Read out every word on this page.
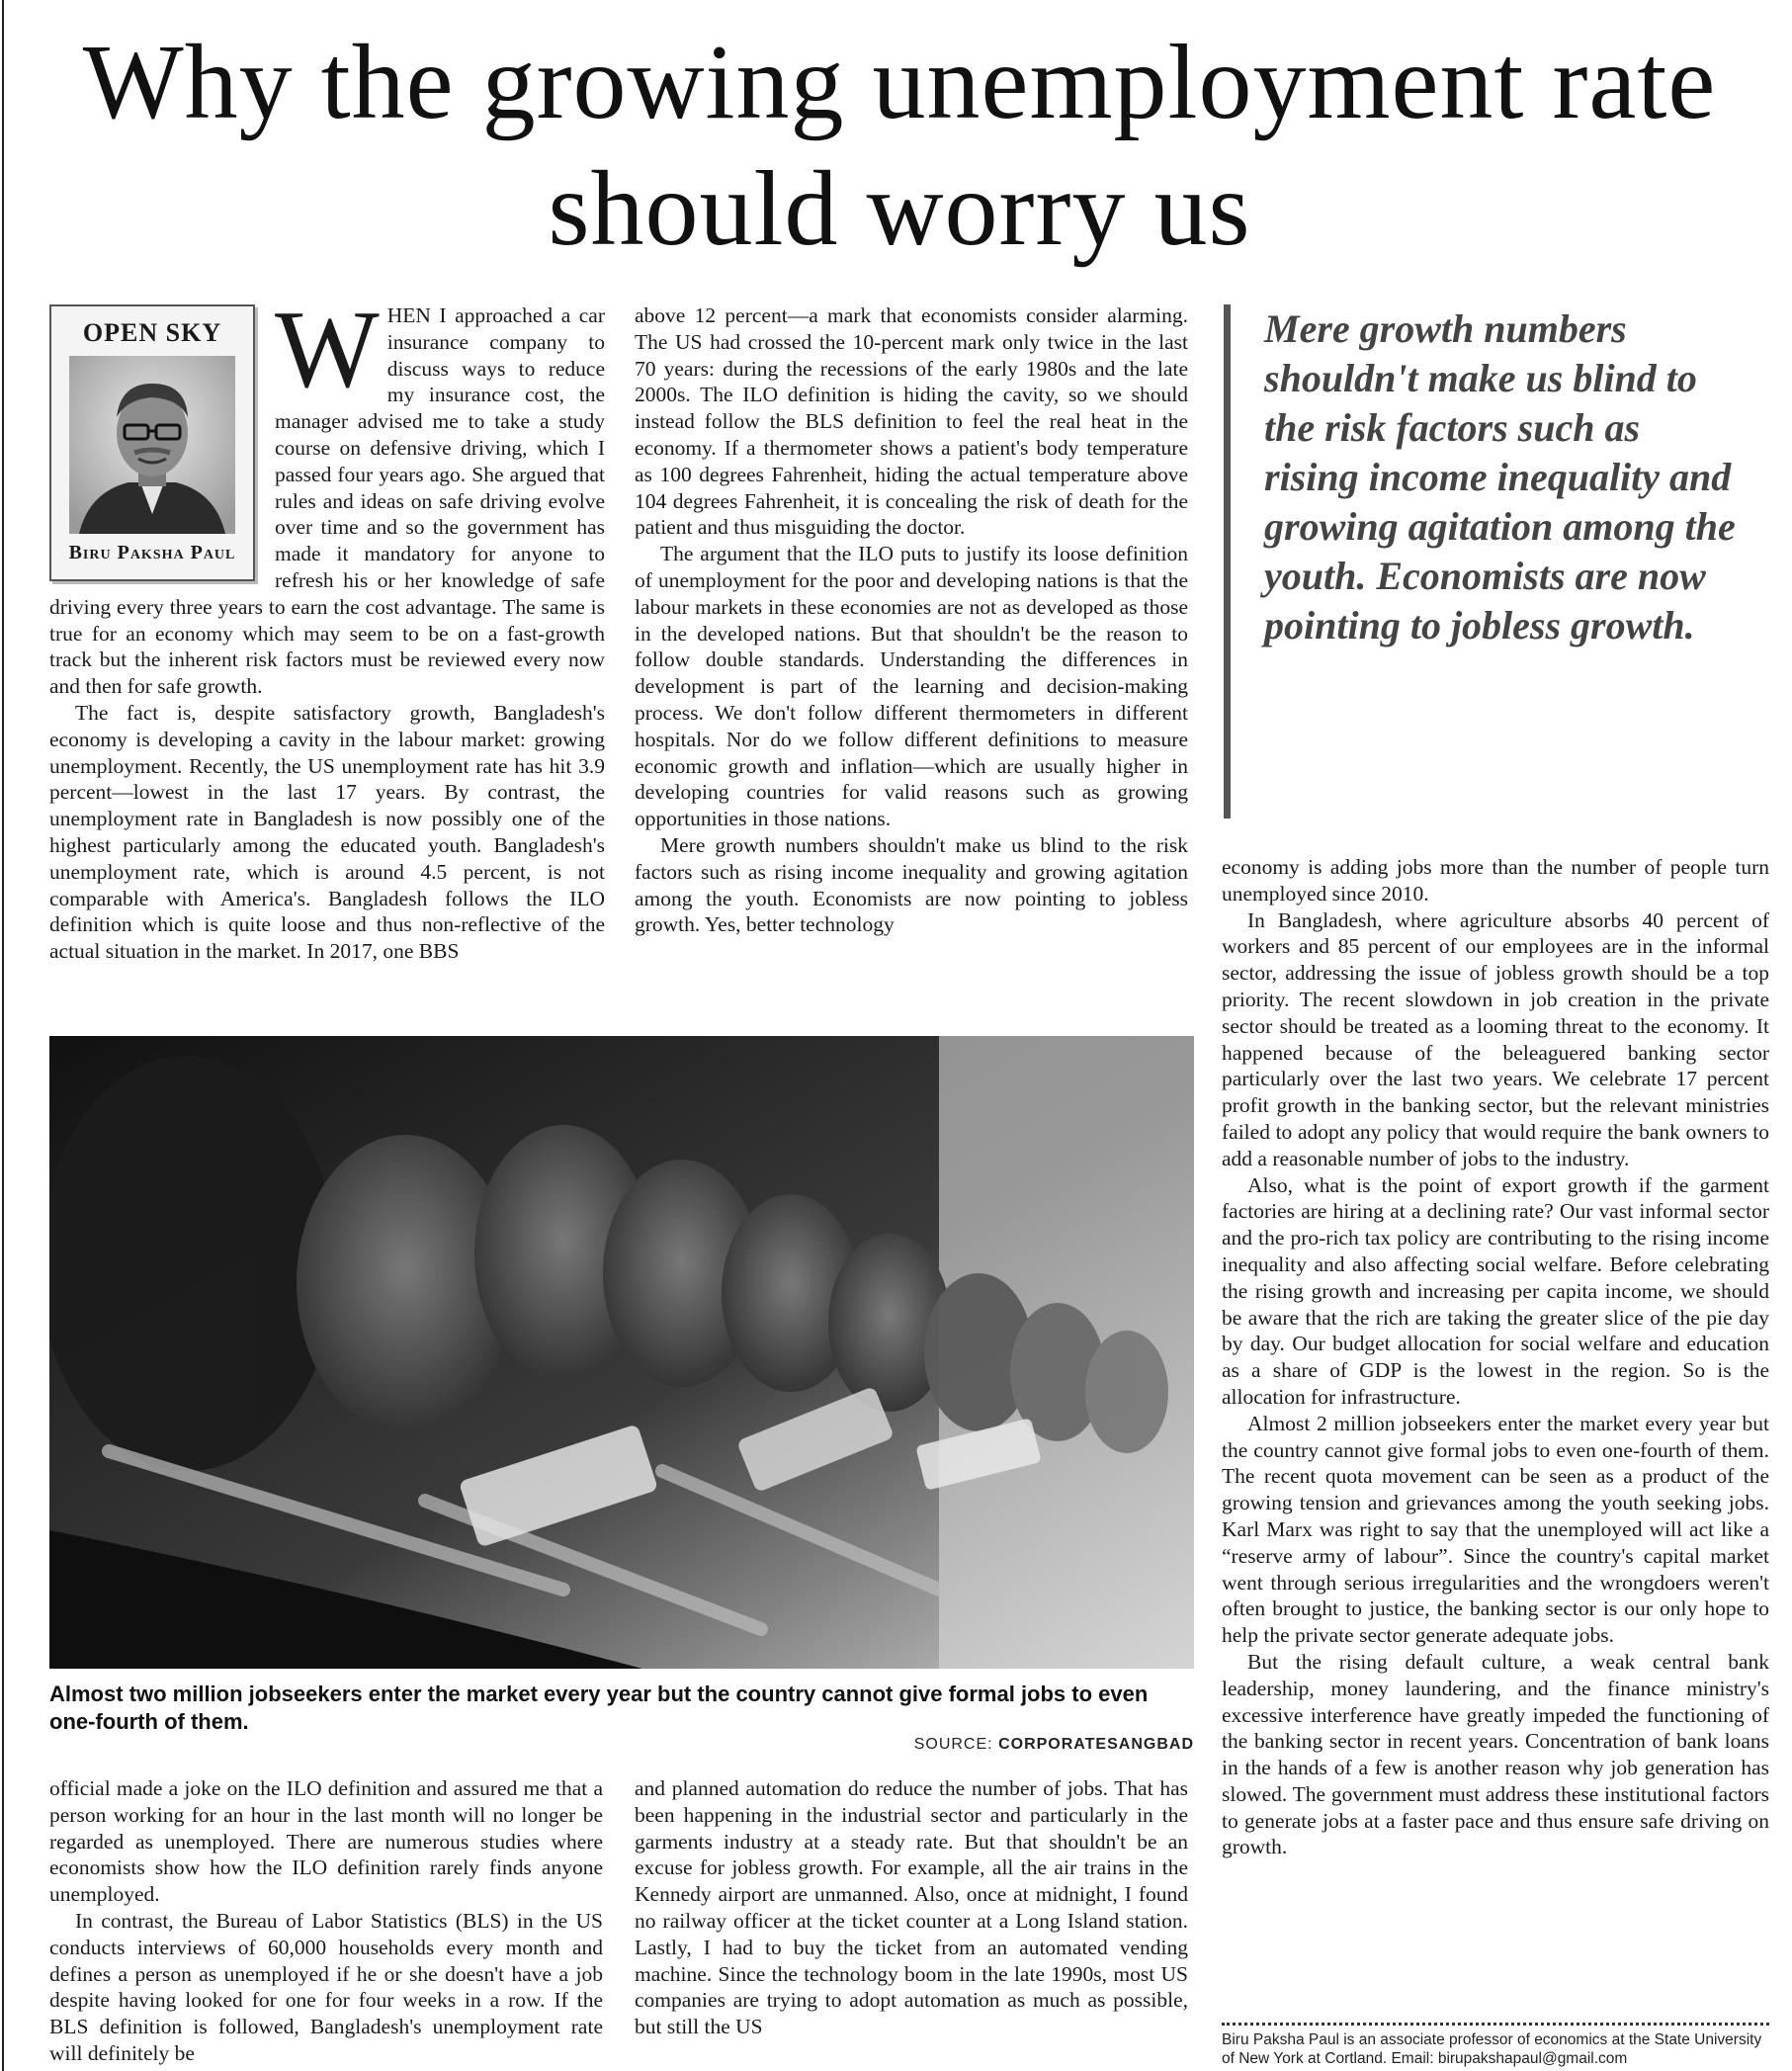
Why the growing unemployment rate should worry us
OPEN SKY
Biru Paksha Paul

WHEN I approached a car insurance company to discuss ways to reduce my insurance cost, the manager advised me to take a study course on defensive driving, which I passed four years ago. She argued that rules and ideas on safe driving evolve over time and so the government has made it mandatory for anyone to refresh his or her knowledge of safe driving every three years to earn the cost advantage. The same is true for an economy which may seem to be on a fast-growth track but the inherent risk factors must be reviewed every now and then for safe growth.

The fact is, despite satisfactory growth, Bangladesh's economy is developing a cavity in the labour market: growing unemployment. Recently, the US unemployment rate has hit 3.9 percent—lowest in the last 17 years. By contrast, the unemployment rate in Bangladesh is now possibly one of the highest particularly among the educated youth. Bangladesh's unemployment rate, which is around 4.5 percent, is not comparable with America's. Bangladesh follows the ILO definition which is quite loose and thus non-reflective of the actual situation in the market. In 2017, one BBS

above 12 percent—a mark that economists consider alarming. The US had crossed the 10-percent mark only twice in the last 70 years: during the recessions of the early 1980s and the late 2000s. The ILO definition is hiding the cavity, so we should instead follow the BLS definition to feel the real heat in the economy. If a thermometer shows a patient's body temperature as 100 degrees Fahrenheit, hiding the actual temperature above 104 degrees Fahrenheit, it is concealing the risk of death for the patient and thus misguiding the doctor.

The argument that the ILO puts to justify its loose definition of unemployment for the poor and developing nations is that the labour markets in these economies are not as developed as those in the developed nations. But that shouldn't be the reason to follow double standards. Understanding the differences in development is part of the learning and decision-making process. We don't follow different thermometers in different hospitals. Nor do we follow different definitions to measure economic growth and inflation—which are usually higher in developing countries for valid reasons such as growing opportunities in those nations.

Mere growth numbers shouldn't make us blind to the risk factors such as rising income inequality and growing agitation among the youth. Economists are now pointing to jobless growth. Yes, better technology

Mere growth numbers shouldn't make us blind to the risk factors such as rising income inequality and growing agitation among the youth. Economists are now pointing to jobless growth.

economy is adding jobs more than the number of people turn unemployed since 2010.

In Bangladesh, where agriculture absorbs 40 percent of workers and 85 percent of our employees are in the informal sector, addressing the issue of jobless growth should be a top priority. The recent slowdown in job creation in the private sector should be treated as a looming threat to the economy. It happened because of the beleaguered banking sector particularly over the last two years. We celebrate 17 percent profit growth in the banking sector, but the relevant ministries failed to adopt any policy that would require the bank owners to add a reasonable number of jobs to the industry.

Also, what is the point of export growth if the garment factories are hiring at a declining rate? Our vast informal sector and the pro-rich tax policy are contributing to the rising income inequality and also affecting social welfare. Before celebrating the rising growth and increasing per capita income, we should be aware that the rich are taking the greater slice of the pie day by day. Our budget allocation for social welfare and education as a share of GDP is the lowest in the region. So is the allocation for infrastructure.

Almost 2 million jobseekers enter the market every year but the country cannot give formal jobs to even one-fourth of them. The recent quota movement can be seen as a product of the growing tension and grievances among the youth seeking jobs. Karl Marx was right to say that the unemployed will act like a “reserve army of labour”. Since the country's capital market went through serious irregularities and the wrongdoers weren't often brought to justice, the banking sector is our only hope to help the private sector generate adequate jobs.

But the rising default culture, a weak central bank leadership, money laundering, and the finance ministry's excessive interference have greatly impeded the functioning of the banking sector in recent years. Concentration of bank loans in the hands of a few is another reason why job generation has slowed. The government must address these institutional factors to generate jobs at a faster pace and thus ensure safe driving on growth.

Almost two million jobseekers enter the market every year but the country cannot give formal jobs to even one-fourth of them.
SOURCE: CORPORATESANGBAD

official made a joke on the ILO definition and assured me that a person working for an hour in the last month will no longer be regarded as unemployed. There are numerous studies where economists show how the ILO definition rarely finds anyone unemployed.

In contrast, the Bureau of Labor Statistics (BLS) in the US conducts interviews of 60,000 households every month and defines a person as unemployed if he or she doesn't have a job despite having looked for one for four weeks in a row. If the BLS definition is followed, Bangladesh's unemployment rate will definitely be

and planned automation do reduce the number of jobs. That has been happening in the industrial sector and particularly in the garments industry at a steady rate. But that shouldn't be an excuse for jobless growth. For example, all the air trains in the Kennedy airport are unmanned. Also, once at midnight, I found no railway officer at the ticket counter at a Long Island station. Lastly, I had to buy the ticket from an automated vending machine. Since the technology boom in the late 1990s, most US companies are trying to adopt automation as much as possible, but still the US

Biru Paksha Paul is an associate professor of economics at the State University of New York at Cortland. Email: birupakshapaul@gmail.com
